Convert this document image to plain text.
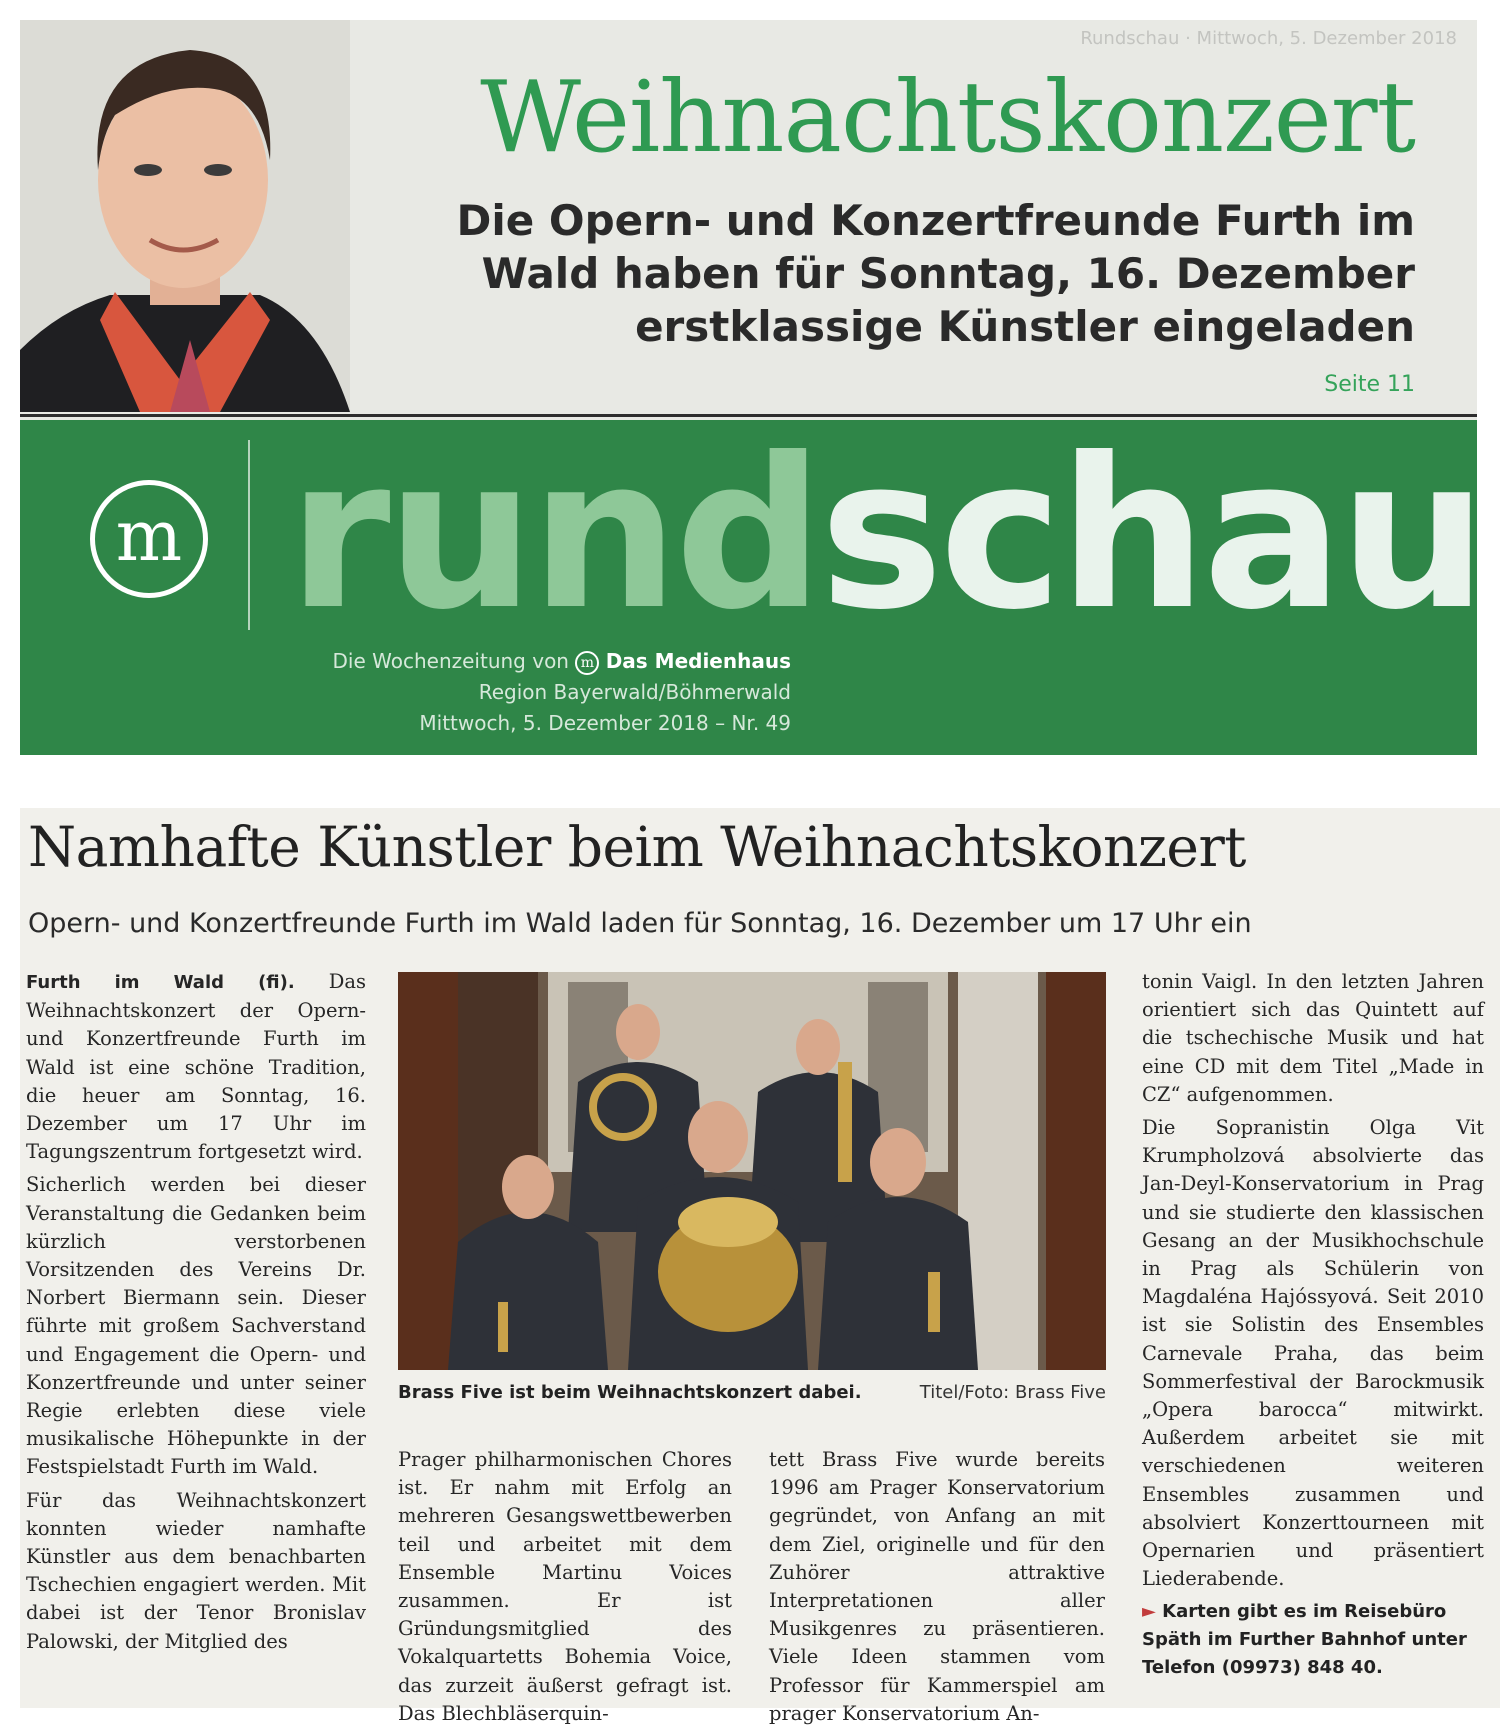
Rundschau · Mittwoch, 5. Dezember 2018
Weihnachtskonzert
Die Opern- und Konzertfreunde Furth im
Wald haben für Sonntag, 16. Dezember
erstklassige Künstler eingeladen
Seite 11
m rundschau
Die Wochenzeitung von m Das Medienhaus
Region Bayerwald/Böhmerwald
Mittwoch, 5. Dezember 2018 – Nr. 49
Namhafte Künstler beim Weihnachtskonzert
Opern- und Konzertfreunde Furth im Wald laden für Sonntag, 16. Dezember um 17 Uhr ein

Furth im Wald (fi). Das Weihnachtskonzert der Opern- und Konzertfreunde Furth im Wald ist eine schöne Tradition, die heuer am Sonntag, 16. Dezember um 17 Uhr im Tagungszentrum fortgesetzt wird.

Sicherlich werden bei dieser Veranstaltung die Gedanken beim kürzlich verstorbenen Vorsitzenden des Vereins Dr. Norbert Biermann sein. Dieser führte mit großem Sachverstand und Engagement die Opern- und Konzertfreunde und unter seiner Regie erlebten diese viele musikalische Höhepunkte in der Festspielstadt Furth im Wald.

Für das Weihnachtskonzert konnten wieder namhafte Künstler aus dem benachbarten Tschechien engagiert werden. Mit dabei ist der Tenor Bronislav Palowski, der Mitglied des

Brass Five ist beim Weihnachtskonzert dabei.	Titel/Foto: Brass Five

Prager philharmonischen Chores ist. Er nahm mit Erfolg an mehreren Gesangswettbewerben teil und arbeitet mit dem Ensemble Martinu Voices zusammen. Er ist Gründungsmitglied des Vokalquartetts Bohemia Voice, das zurzeit äußerst gefragt ist. Das Blechbläserquin-

tett Brass Five wurde bereits 1996 am Prager Konservatorium gegründet, von Anfang an mit dem Ziel, originelle und für den Zuhörer attraktive Interpretationen aller Musikgenres zu präsentieren. Viele Ideen stammen vom Professor für Kammerspiel am prager Konservatorium An-

tonin Vaigl. In den letzten Jahren orientiert sich das Quintett auf die tschechische Musik und hat eine CD mit dem Titel „Made in CZ“ aufgenommen.

Die Sopranistin Olga Vit Krumpholzová absolvierte das Jan-Deyl-Konservatorium in Prag und sie studierte den klassischen Gesang an der Musikhochschule in Prag als Schülerin von Magdaléna Hajóssyová. Seit 2010 ist sie Solistin des Ensembles Carnevale Praha, das beim Sommerfestival der Barockmusik „Opera barocca“ mitwirkt. Außerdem arbeitet sie mit verschiedenen weiteren Ensembles zusammen und absolviert Konzerttourneen mit Opernarien und präsentiert Liederabende.

► Karten gibt es im Reisebüro Späth im Further Bahnhof unter Telefon (09973) 848 40.
